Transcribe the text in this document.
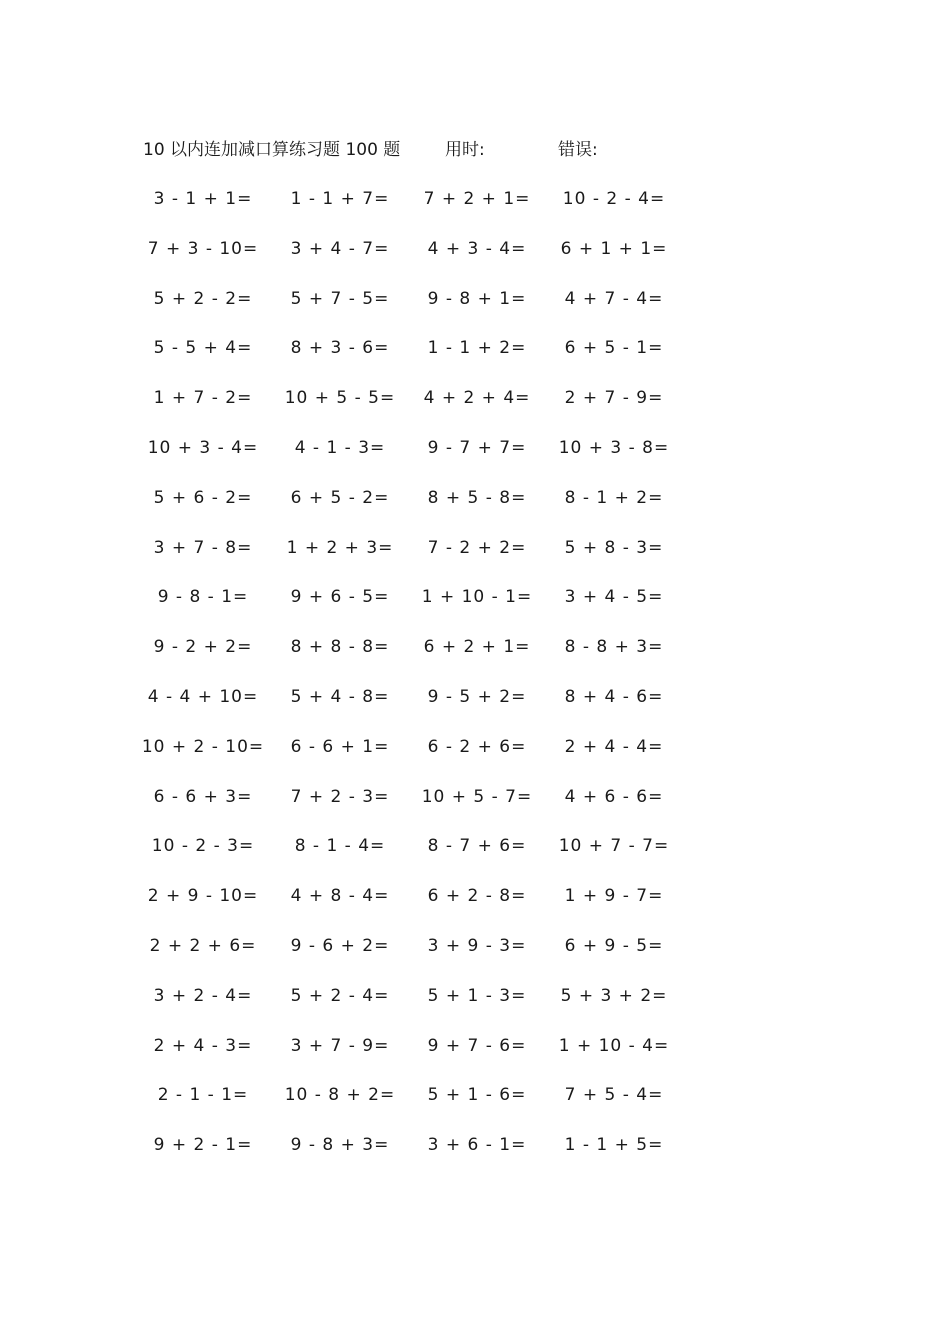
10 以内连加减口算练习题 100 题	用时:	错误:
3 - 1 + 1= 1 - 1 + 7= 7 + 2 + 1= 10 - 2 - 4=
7 + 3 - 10= 3 + 4 - 7= 4 + 3 - 4= 6 + 1 + 1=
5 + 2 - 2= 5 + 7 - 5= 9 - 8 + 1= 4 + 7 - 4=
5 - 5 + 4= 8 + 3 - 6= 1 - 1 + 2= 6 + 5 - 1=
1 + 7 - 2= 10 + 5 - 5= 4 + 2 + 4= 2 + 7 - 9=
10 + 3 - 4= 4 - 1 - 3= 9 - 7 + 7= 10 + 3 - 8=
5 + 6 - 2= 6 + 5 - 2= 8 + 5 - 8= 8 - 1 + 2=
3 + 7 - 8= 1 + 2 + 3= 7 - 2 + 2= 5 + 8 - 3=
9 - 8 - 1= 9 + 6 - 5= 1 + 10 - 1= 3 + 4 - 5=
9 - 2 + 2= 8 + 8 - 8= 6 + 2 + 1= 8 - 8 + 3=
4 - 4 + 10= 5 + 4 - 8= 9 - 5 + 2= 8 + 4 - 6=
10 + 2 - 10= 6 - 6 + 1= 6 - 2 + 6= 2 + 4 - 4=
6 - 6 + 3= 7 + 2 - 3= 10 + 5 - 7= 4 + 6 - 6=
10 - 2 - 3= 8 - 1 - 4= 8 - 7 + 6= 10 + 7 - 7=
2 + 9 - 10= 4 + 8 - 4= 6 + 2 - 8= 1 + 9 - 7=
2 + 2 + 6= 9 - 6 + 2= 3 + 9 - 3= 6 + 9 - 5=
3 + 2 - 4= 5 + 2 - 4= 5 + 1 - 3= 5 + 3 + 2=
2 + 4 - 3= 3 + 7 - 9= 9 + 7 - 6= 1 + 10 - 4=
2 - 1 - 1= 10 - 8 + 2= 5 + 1 - 6= 7 + 5 - 4=
9 + 2 - 1= 9 - 8 + 3= 3 + 6 - 1= 1 - 1 + 5=
